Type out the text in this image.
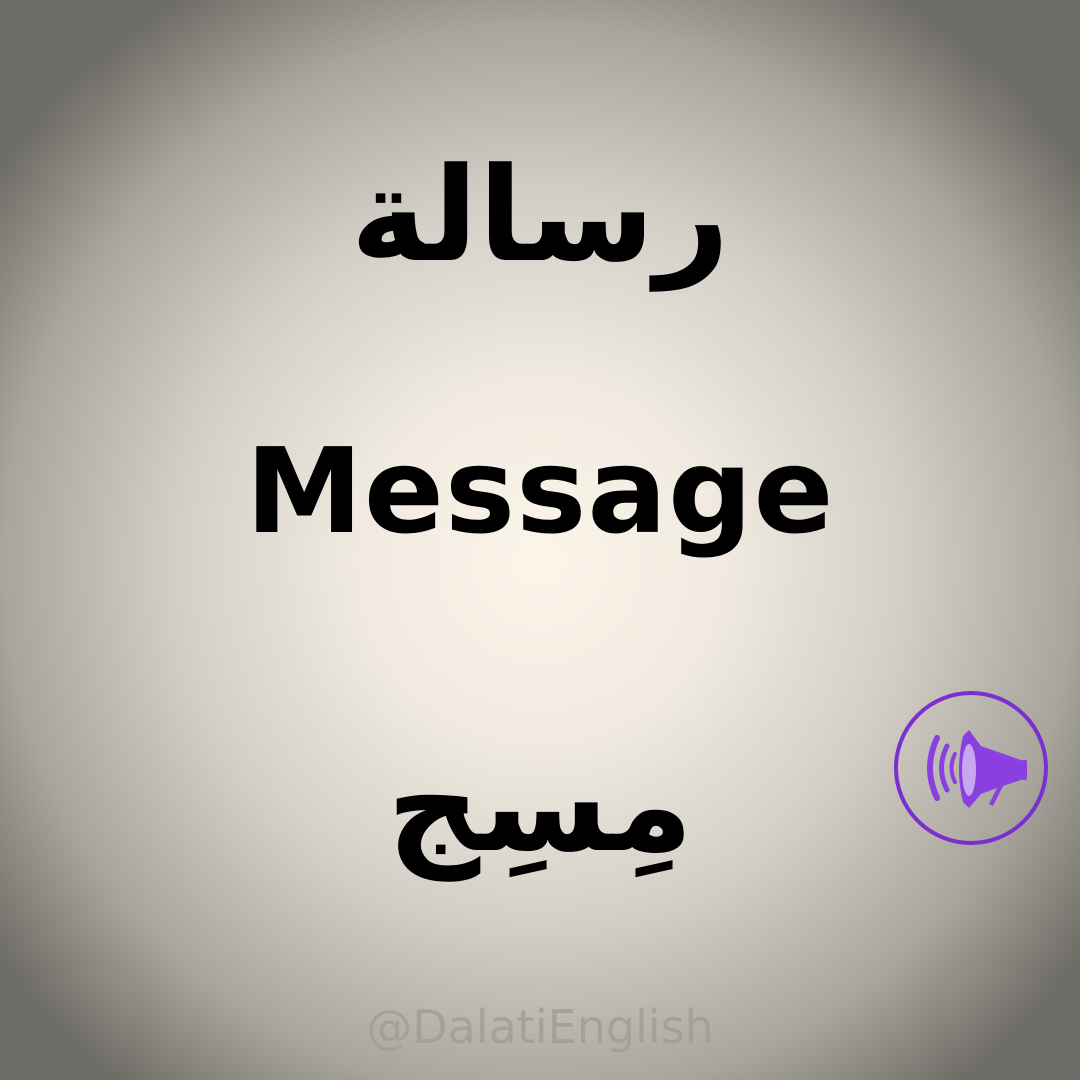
رسالة
Message
مِسِج
@DalatiEnglish
